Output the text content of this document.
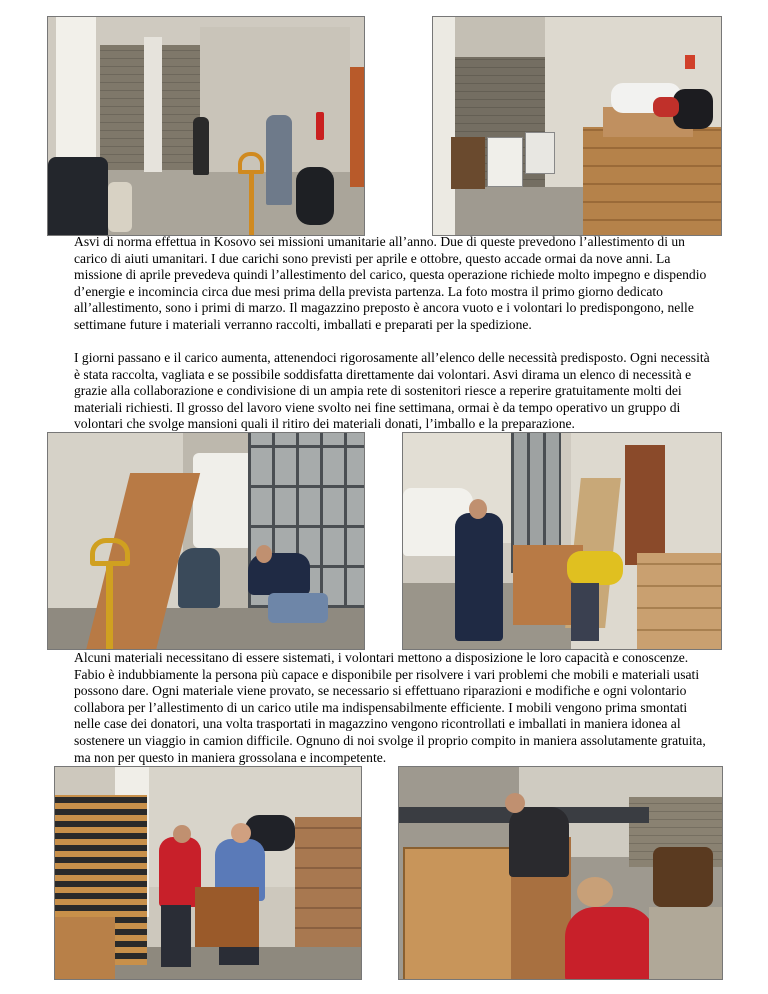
Asvi di norma effettua in Kosovo sei missioni umanitarie all’anno. Due di queste prevedono l’allestimento di un carico di aiuti umanitari. I due carichi sono previsti per aprile e ottobre, questo accade ormai da nove anni. La missione di aprile prevedeva quindi l’allestimento del carico, questa operazione richiede molto impegno e dispendio d’energie e incomincia circa due mesi prima della prevista partenza. La foto mostra il primo giorno dedicato all’allestimento, sono i primi di marzo. Il magazzino preposto è ancora vuoto e i volontari lo predispongono, nelle settimane future i materiali verranno raccolti, imballati e preparati per la spedizione.

I giorni passano e il carico aumenta, attenendoci rigorosamente all’elenco delle necessità predisposto. Ogni necessità è stata raccolta, vagliata e se possibile soddisfatta direttamente dai volontari. Asvi dirama un elenco di necessità e grazie alla collaborazione e condivisione di un ampia rete di sostenitori riesce a reperire gratuitamente molti dei materiali richiesti. Il grosso del lavoro viene svolto nei fine settimana, ormai è da tempo operativo un gruppo di volontari che svolge mansioni quali il ritiro dei materiali donati, l’imballo e la preparazione.

Alcuni materiali necessitano di essere sistemati, i volontari mettono a disposizione le loro capacità e conoscenze. Fabio è indubbiamente la persona più capace e disponibile per risolvere i vari problemi che mobili e materiali usati possono dare. Ogni materiale viene provato, se necessario si effettuano riparazioni e modifiche e ogni volontario collabora per l’allestimento di un carico utile ma indispensabilmente efficiente. I mobili vengono prima smontati nelle case dei donatori, una volta trasportati in magazzino vengono ricontrollati e imballati in maniera idonea al sostenere un viaggio in camion difficile. Ognuno di noi svolge il proprio compito in maniera assolutamente gratuita, ma non per questo in maniera grossolana e incompetente.
